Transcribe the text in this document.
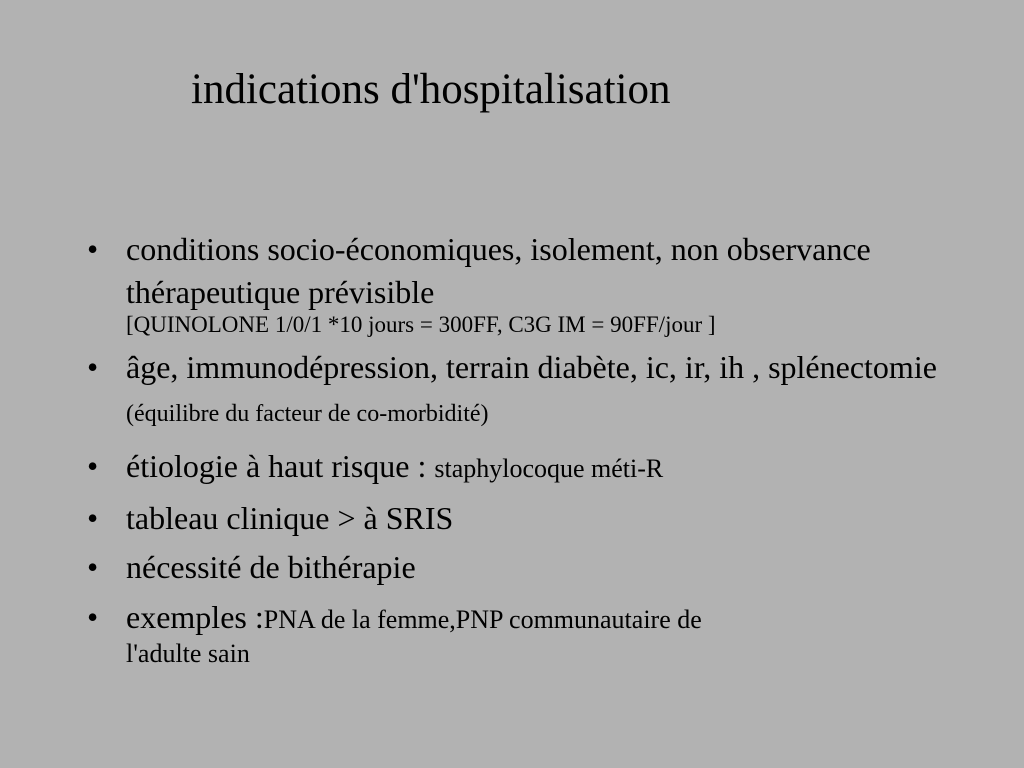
indications d'hospitalisation
• conditions socio-économiques, isolement, non observance thérapeutique prévisible
[QUINOLONE 1/0/1 *10 jours = 300FF, C3G IM = 90FF/jour ]
• âge, immunodépression, terrain diabète, ic, ir, ih , splénectomie (équilibre du facteur de co-morbidité)
• étiologie à haut risque : staphylocoque méti-R
• tableau clinique > à SRIS
• nécessité de bithérapie
• exemples :PNA de la femme,PNP communautaire de
l'adulte sain
